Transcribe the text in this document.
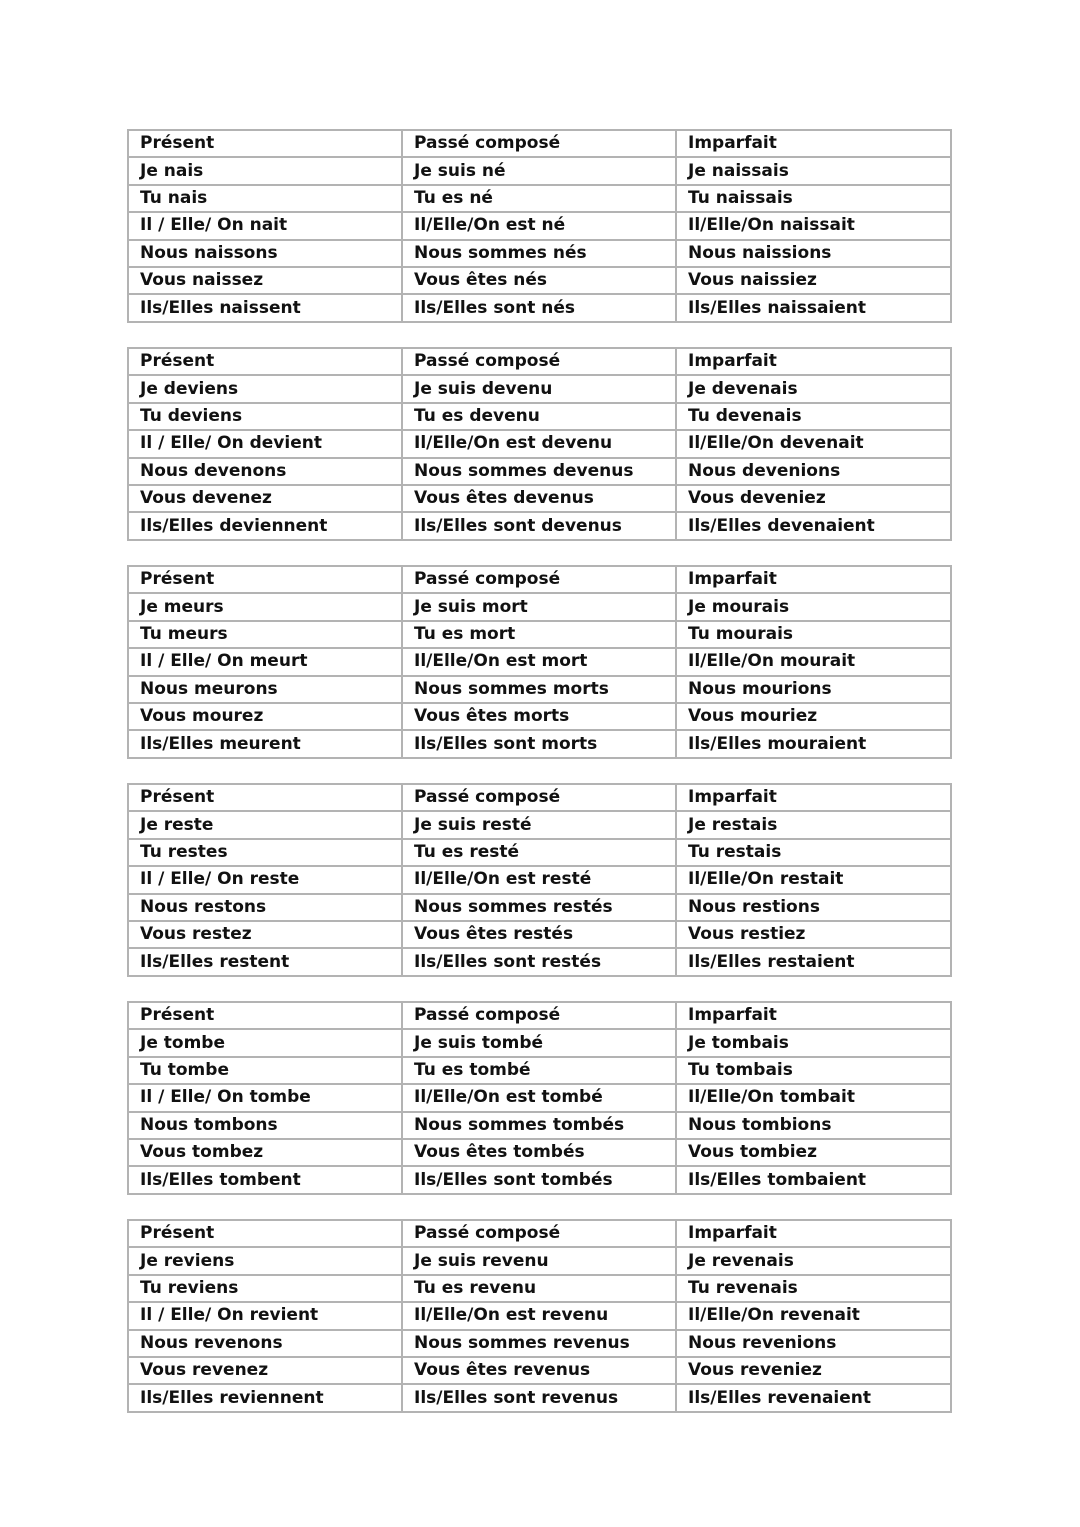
Présent	Passé composé	Imparfait
Je nais	Je suis né	Je naissais
Tu nais	Tu es né	Tu naissais
Il / Elle/ On nait	Il/Elle/On est né	Il/Elle/On naissait
Nous naissons	Nous sommes nés	Nous naissions
Vous naissez	Vous êtes nés	Vous naissiez
Ils/Elles naissent	Ils/Elles sont nés	Ils/Elles naissaient
Présent	Passé composé	Imparfait
Je deviens	Je suis devenu	Je devenais
Tu deviens	Tu es devenu	Tu devenais
Il / Elle/ On devient	Il/Elle/On est devenu	Il/Elle/On devenait
Nous devenons	Nous sommes devenus	Nous devenions
Vous devenez	Vous êtes devenus	Vous deveniez
Ils/Elles deviennent	Ils/Elles sont devenus	Ils/Elles devenaient
Présent	Passé composé	Imparfait
Je meurs	Je suis mort	Je mourais
Tu meurs	Tu es mort	Tu mourais
Il / Elle/ On meurt	Il/Elle/On est mort	Il/Elle/On mourait
Nous meurons	Nous sommes morts	Nous mourions
Vous mourez	Vous êtes morts	Vous mouriez
Ils/Elles meurent	Ils/Elles sont morts	Ils/Elles mouraient
Présent	Passé composé	Imparfait
Je reste	Je suis resté	Je restais
Tu restes	Tu es resté	Tu restais
Il / Elle/ On reste	Il/Elle/On est resté	Il/Elle/On restait
Nous restons	Nous sommes restés	Nous restions
Vous restez	Vous êtes restés	Vous restiez
Ils/Elles restent	Ils/Elles sont restés	Ils/Elles restaient
Présent	Passé composé	Imparfait
Je tombe	Je suis tombé	Je tombais
Tu tombe	Tu es tombé	Tu tombais
Il / Elle/ On tombe	Il/Elle/On est tombé	Il/Elle/On tombait
Nous tombons	Nous sommes tombés	Nous tombions
Vous tombez	Vous êtes tombés	Vous tombiez
Ils/Elles tombent	Ils/Elles sont tombés	Ils/Elles tombaient
Présent	Passé composé	Imparfait
Je reviens	Je suis revenu	Je revenais
Tu reviens	Tu es revenu	Tu revenais
Il / Elle/ On revient	Il/Elle/On est revenu	Il/Elle/On revenait
Nous revenons	Nous sommes revenus	Nous revenions
Vous revenez	Vous êtes revenus	Vous reveniez
Ils/Elles reviennent	Ils/Elles sont revenus	Ils/Elles revenaient
